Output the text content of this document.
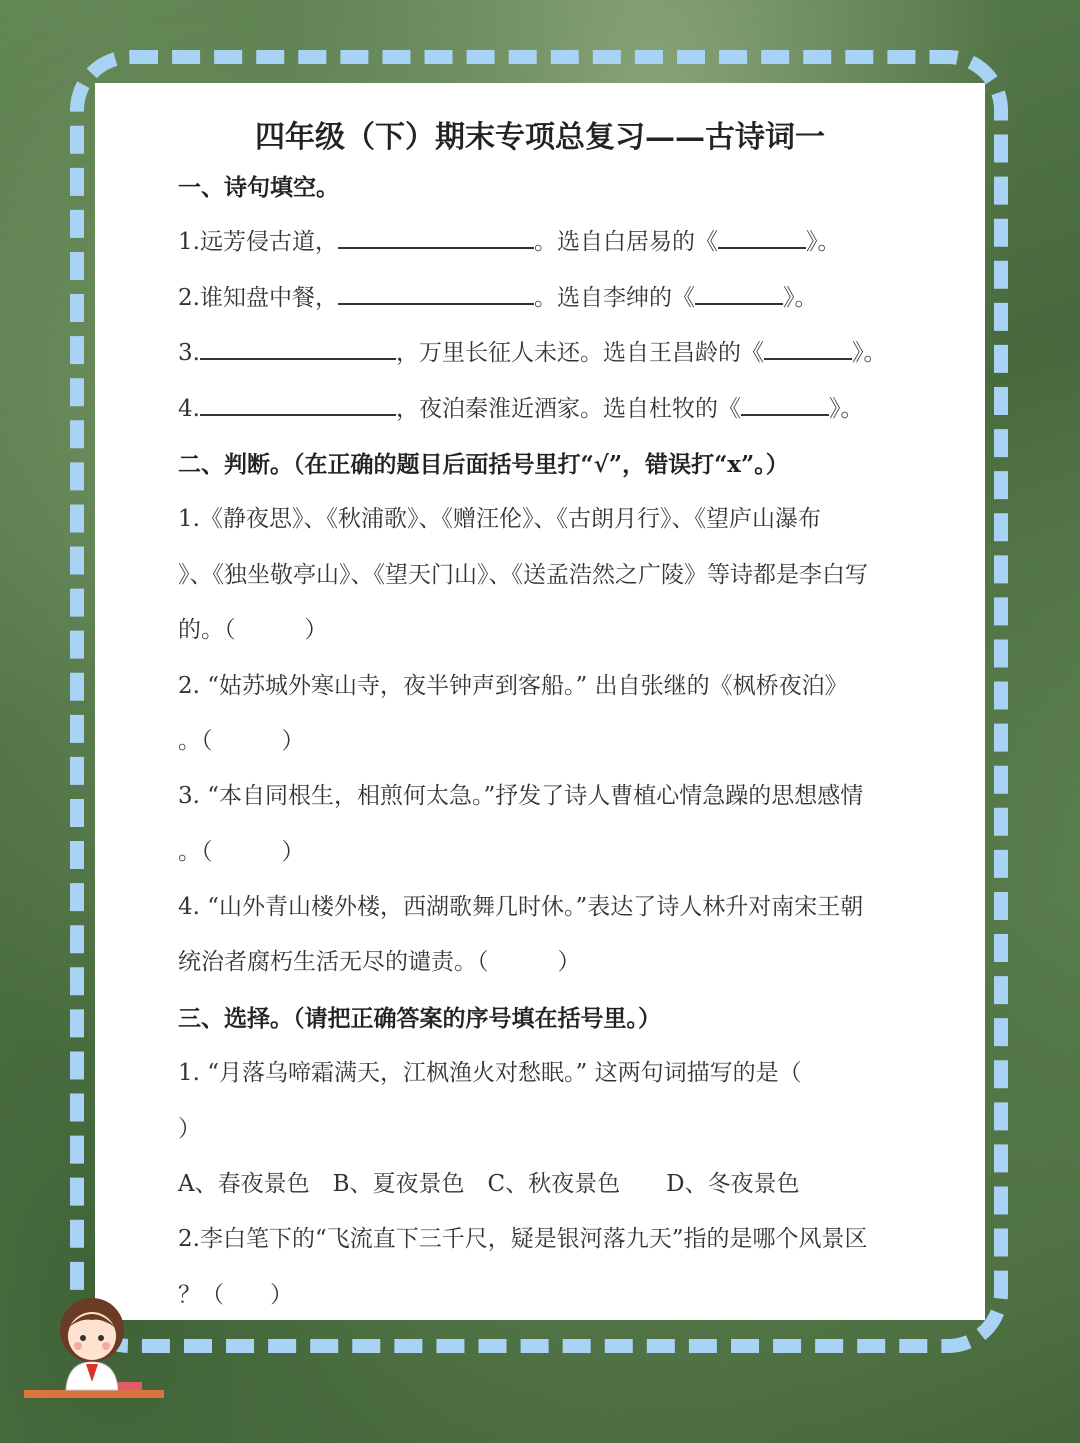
四年级（下）期末专项总复习——古诗词一
一、诗句填空。
1.远芳侵古道，	。选自白居易的《	》。
2.谁知盘中餐，	。选自李绅的《	》。
3.	，万里长征人未还。选自王昌龄的《	》。
4.	，夜泊秦淮近酒家。选自杜牧的《	》。
二、判断。（在正确的题目后面括号里打“√”，错误打“x”。）
1.《静夜思》、《秋浦歌》、《赠汪伦》、《古朗月行》、《望庐山瀑布
》、《独坐敬亭山》、《望天门山》、《送孟浩然之广陵》等诗都是李白写
的。（　　　）
2. “姑苏城外寒山寺，夜半钟声到客船。” 出自张继的《枫桥夜泊》
。（　　　）
3. “本自同根生，相煎何太急。”抒发了诗人曹植心情急躁的思想感情
。（　　　）
4. “山外青山楼外楼，西湖歌舞几时休。”表达了诗人林升对南宋王朝
统治者腐朽生活无尽的谴责。（　　　）
三、选择。（请把正确答案的序号填在括号里。）
1. “月落乌啼霜满天，江枫渔火对愁眠。” 这两句词描写的是（
）
A、春夜景色　B、夏夜景色　C、秋夜景色　　D、冬夜景色
2.李白笔下的“飞流直下三千尺，疑是银河落九天”指的是哪个风景区
？（　　）
